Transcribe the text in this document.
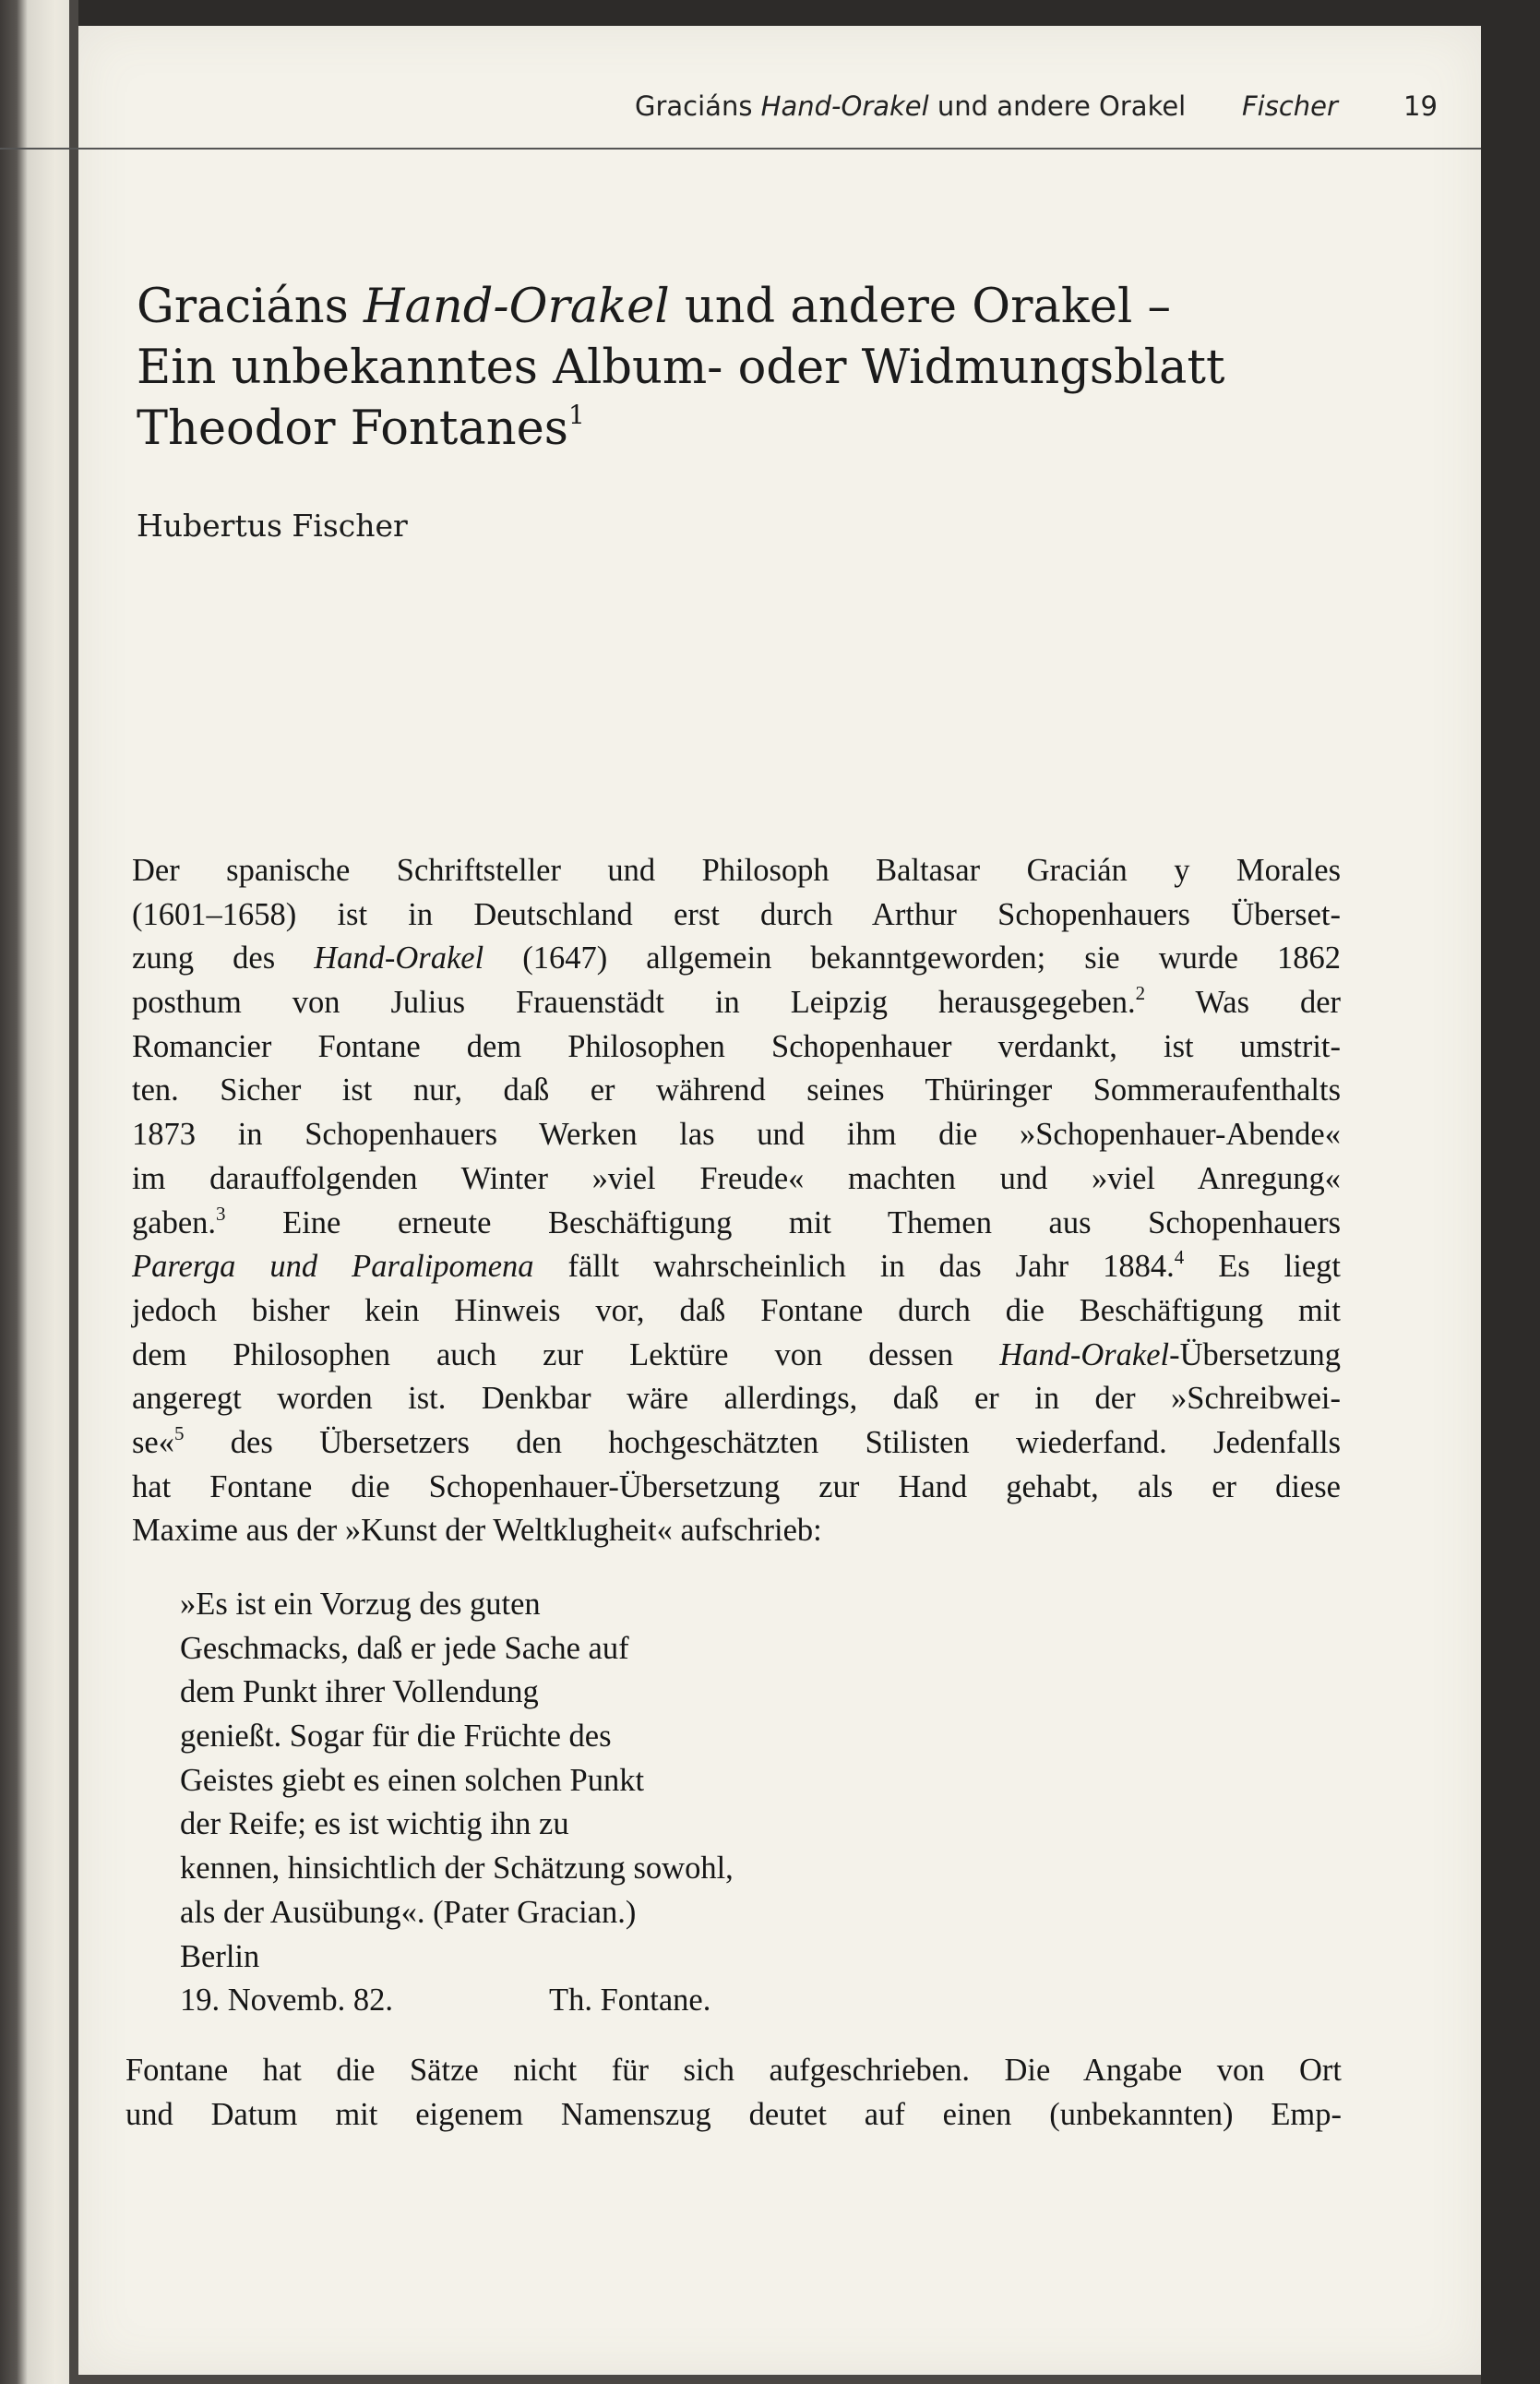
Graciáns Hand-Orakel und andere Orakel Fischer 19
Graciáns Hand-Orakel und andere Orakel –
Ein unbekanntes Album- oder Widmungsblatt
Theodor Fontanes$^1$
Hubertus Fischer
Der spanische Schriftsteller und Philosoph Baltasar Gracián y Morales
(1601–1658) ist in Deutschland erst durch Arthur Schopenhauers Überset-
zung des Hand-Orakel (1647) allgemein bekanntgeworden; sie wurde 1862
posthum von Julius Frauenstädt in Leipzig herausgegeben.$^2$ Was der
Romancier Fontane dem Philosophen Schopenhauer verdankt, ist umstrit-
ten. Sicher ist nur, daß er während seines Thüringer Sommeraufenthalts
1873 in Schopenhauers Werken las und ihm die »Schopenhauer-Abende«
im darauffolgenden Winter »viel Freude« machten und »viel Anregung«
gaben.$^3$ Eine erneute Beschäftigung mit Themen aus Schopenhauers
Parerga und Paralipomena fällt wahrscheinlich in das Jahr 1884.$^4$ Es liegt
jedoch bisher kein Hinweis vor, daß Fontane durch die Beschäftigung mit
dem Philosophen auch zur Lektüre von dessen Hand-Orakel-Übersetzung
angeregt worden ist. Denkbar wäre allerdings, daß er in der »Schreibwei-
se«$^5$ des Übersetzers den hochgeschätzten Stilisten wiederfand. Jedenfalls
hat Fontane die Schopenhauer-Übersetzung zur Hand gehabt, als er diese
Maxime aus der »Kunst der Weltklugheit« aufschrieb:
»Es ist ein Vorzug des guten
Geschmacks, daß er jede Sache auf
dem Punkt ihrer Vollendung
genießt. Sogar für die Früchte des
Geistes giebt es einen solchen Punkt
der Reife; es ist wichtig ihn zu
kennen, hinsichtlich der Schätzung sowohl,
als der Ausübung«. (Pater Gracian.)
Berlin
19. Novemb. 82.	Th. Fontane.
Fontane hat die Sätze nicht für sich aufgeschrieben. Die Angabe von Ort
und Datum mit eigenem Namenszug deutet auf einen (unbekannten) Emp-
